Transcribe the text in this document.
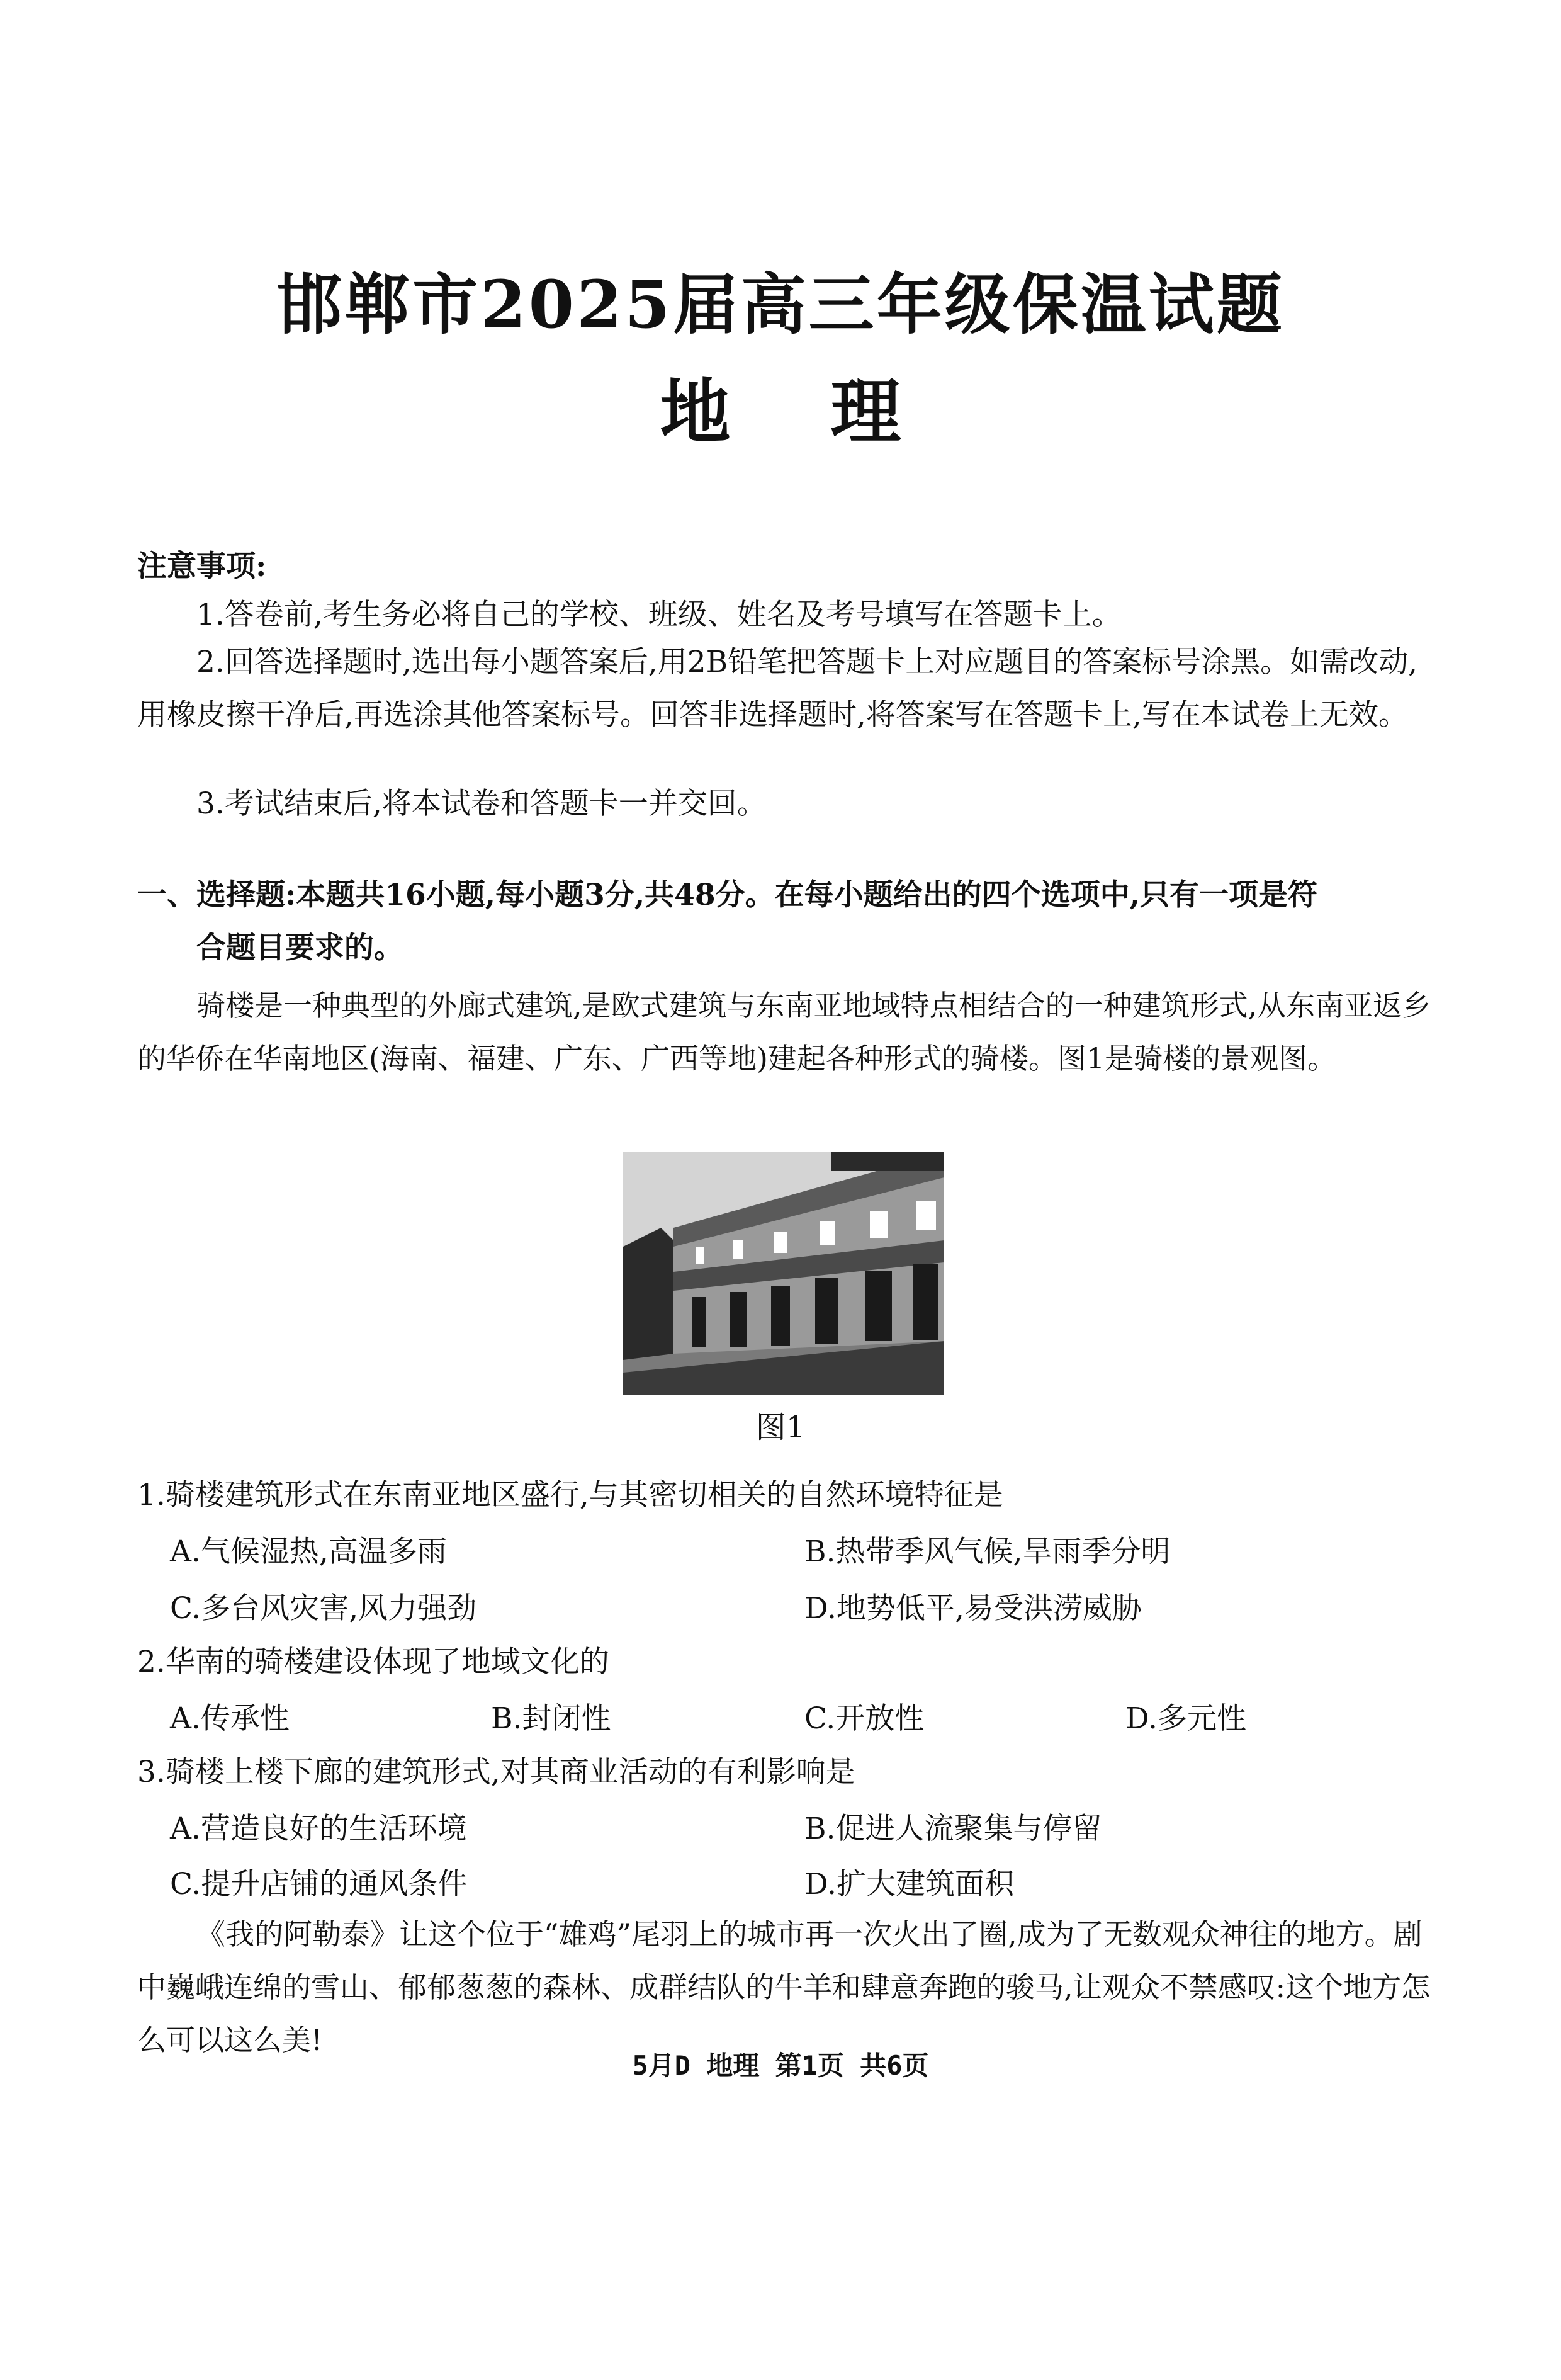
邯郸市2025届高三年级保温试题
地 理
注意事项:
1.答卷前,考生务必将自己的学校、班级、姓名及考号填写在答题卡上。
2.回答选择题时,选出每小题答案后,用2B铅笔把答题卡上对应题目的答案标号涂黑。如需改动,用橡皮擦干净后,再选涂其他答案标号。回答非选择题时,将答案写在答题卡上,写在本试卷上无效。
3.考试结束后,将本试卷和答题卡一并交回。
一、选择题:本题共16小题,每小题3分,共48分。在每小题给出的四个选项中,只有一项是符
合题目要求的。
骑楼是一种典型的外廊式建筑,是欧式建筑与东南亚地域特点相结合的一种建筑形式,从东南亚返乡的华侨在华南地区(海南、福建、广东、广西等地)建起各种形式的骑楼。图1是骑楼的景观图。
图1
1.骑楼建筑形式在东南亚地区盛行,与其密切相关的自然环境特征是
A.气候湿热,高温多雨	B.热带季风气候,旱雨季分明
C.多台风灾害,风力强劲	D.地势低平,易受洪涝威胁
2.华南的骑楼建设体现了地域文化的
A.传承性	B.封闭性	C.开放性	D.多元性
3.骑楼上楼下廊的建筑形式,对其商业活动的有利影响是
A.营造良好的生活环境	B.促进人流聚集与停留
C.提升店铺的通风条件	D.扩大建筑面积
《我的阿勒泰》让这个位于“雄鸡”尾羽上的城市再一次火出了圈,成为了无数观众神往的地方。剧中巍峨连绵的雪山、郁郁葱葱的森林、成群结队的牛羊和肆意奔跑的骏马,让观众不禁感叹:这个地方怎么可以这么美!
5月D 地理 第1页 共6页
